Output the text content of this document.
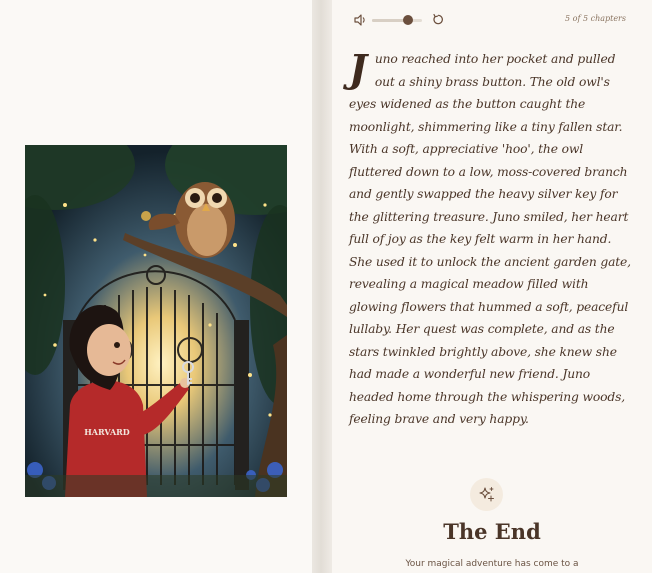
HARVARD
5 of 5 chapters
Juno reached into her pocket and pulled out a shiny brass button. The old owl's eyes widened as the button caught the moonlight, shimmering like a tiny fallen star. With a soft, appreciative 'hoo', the owl fluttered down to a low, moss-covered branch and gently swapped the heavy silver key for the glittering treasure. Juno smiled, her heart full of joy as the key felt warm in her hand. She used it to unlock the ancient garden gate, revealing a magical meadow filled with glowing flowers that hummed a soft, peaceful lullaby. Her quest was complete, and as the stars twinkled brightly above, she knew she had made a wonderful new friend. Juno headed home through the whispering woods, feeling brave and very happy.
The End
Your magical adventure has come to a
